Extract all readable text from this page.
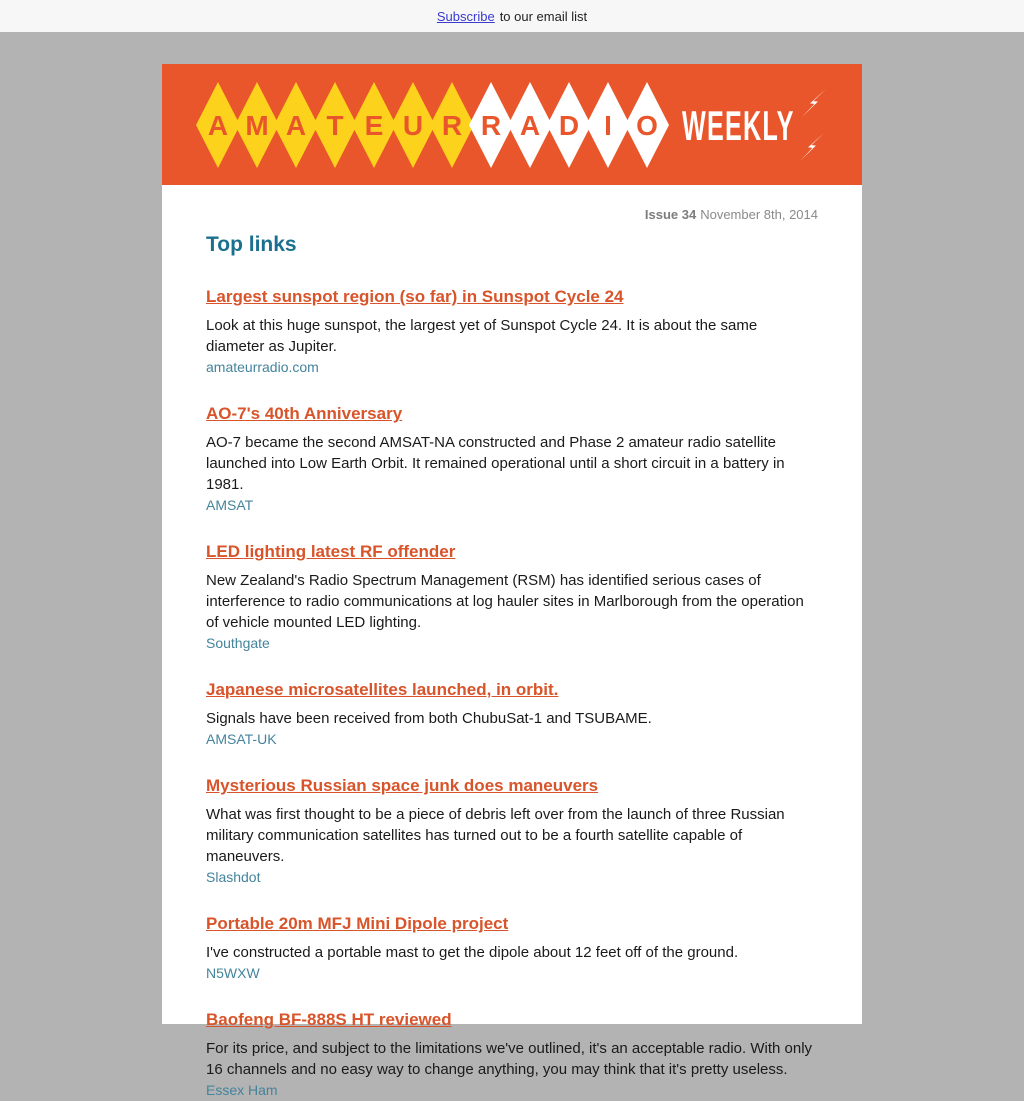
Subscribe to our email list
A M A T E U R R A D I O WEEKLY

Issue 34 November 8th, 2014

Top links
Largest sunspot region (so far) in Sunspot Cycle 24

Look at this huge sunspot, the largest yet of Sunspot Cycle 24. It is about the same diameter as Jupiter.

amateurradio.com
AO-7's 40th Anniversary

AO-7 became the second AMSAT-NA constructed and Phase 2 amateur radio satellite launched into Low Earth Orbit. It remained operational until a short circuit in a battery in 1981.

AMSAT
LED lighting latest RF offender

New Zealand's Radio Spectrum Management (RSM) has identified serious cases of interference to radio communications at log hauler sites in Marlborough from the operation of vehicle mounted LED lighting.

Southgate
Japanese microsatellites launched, in orbit.

Signals have been received from both ChubuSat-1 and TSUBAME.

AMSAT-UK
Mysterious Russian space junk does maneuvers

What was first thought to be a piece of debris left over from the launch of three Russian military communication satellites has turned out to be a fourth satellite capable of maneuvers.

Slashdot
Portable 20m MFJ Mini Dipole project

I've constructed a portable mast to get the dipole about 12 feet off of the ground.

N5WXW
Baofeng BF-888S HT reviewed

For its price, and subject to the limitations we've outlined, it's an acceptable radio. With only 16 channels and no easy way to change anything, you may think that it's pretty useless.

Essex Ham
